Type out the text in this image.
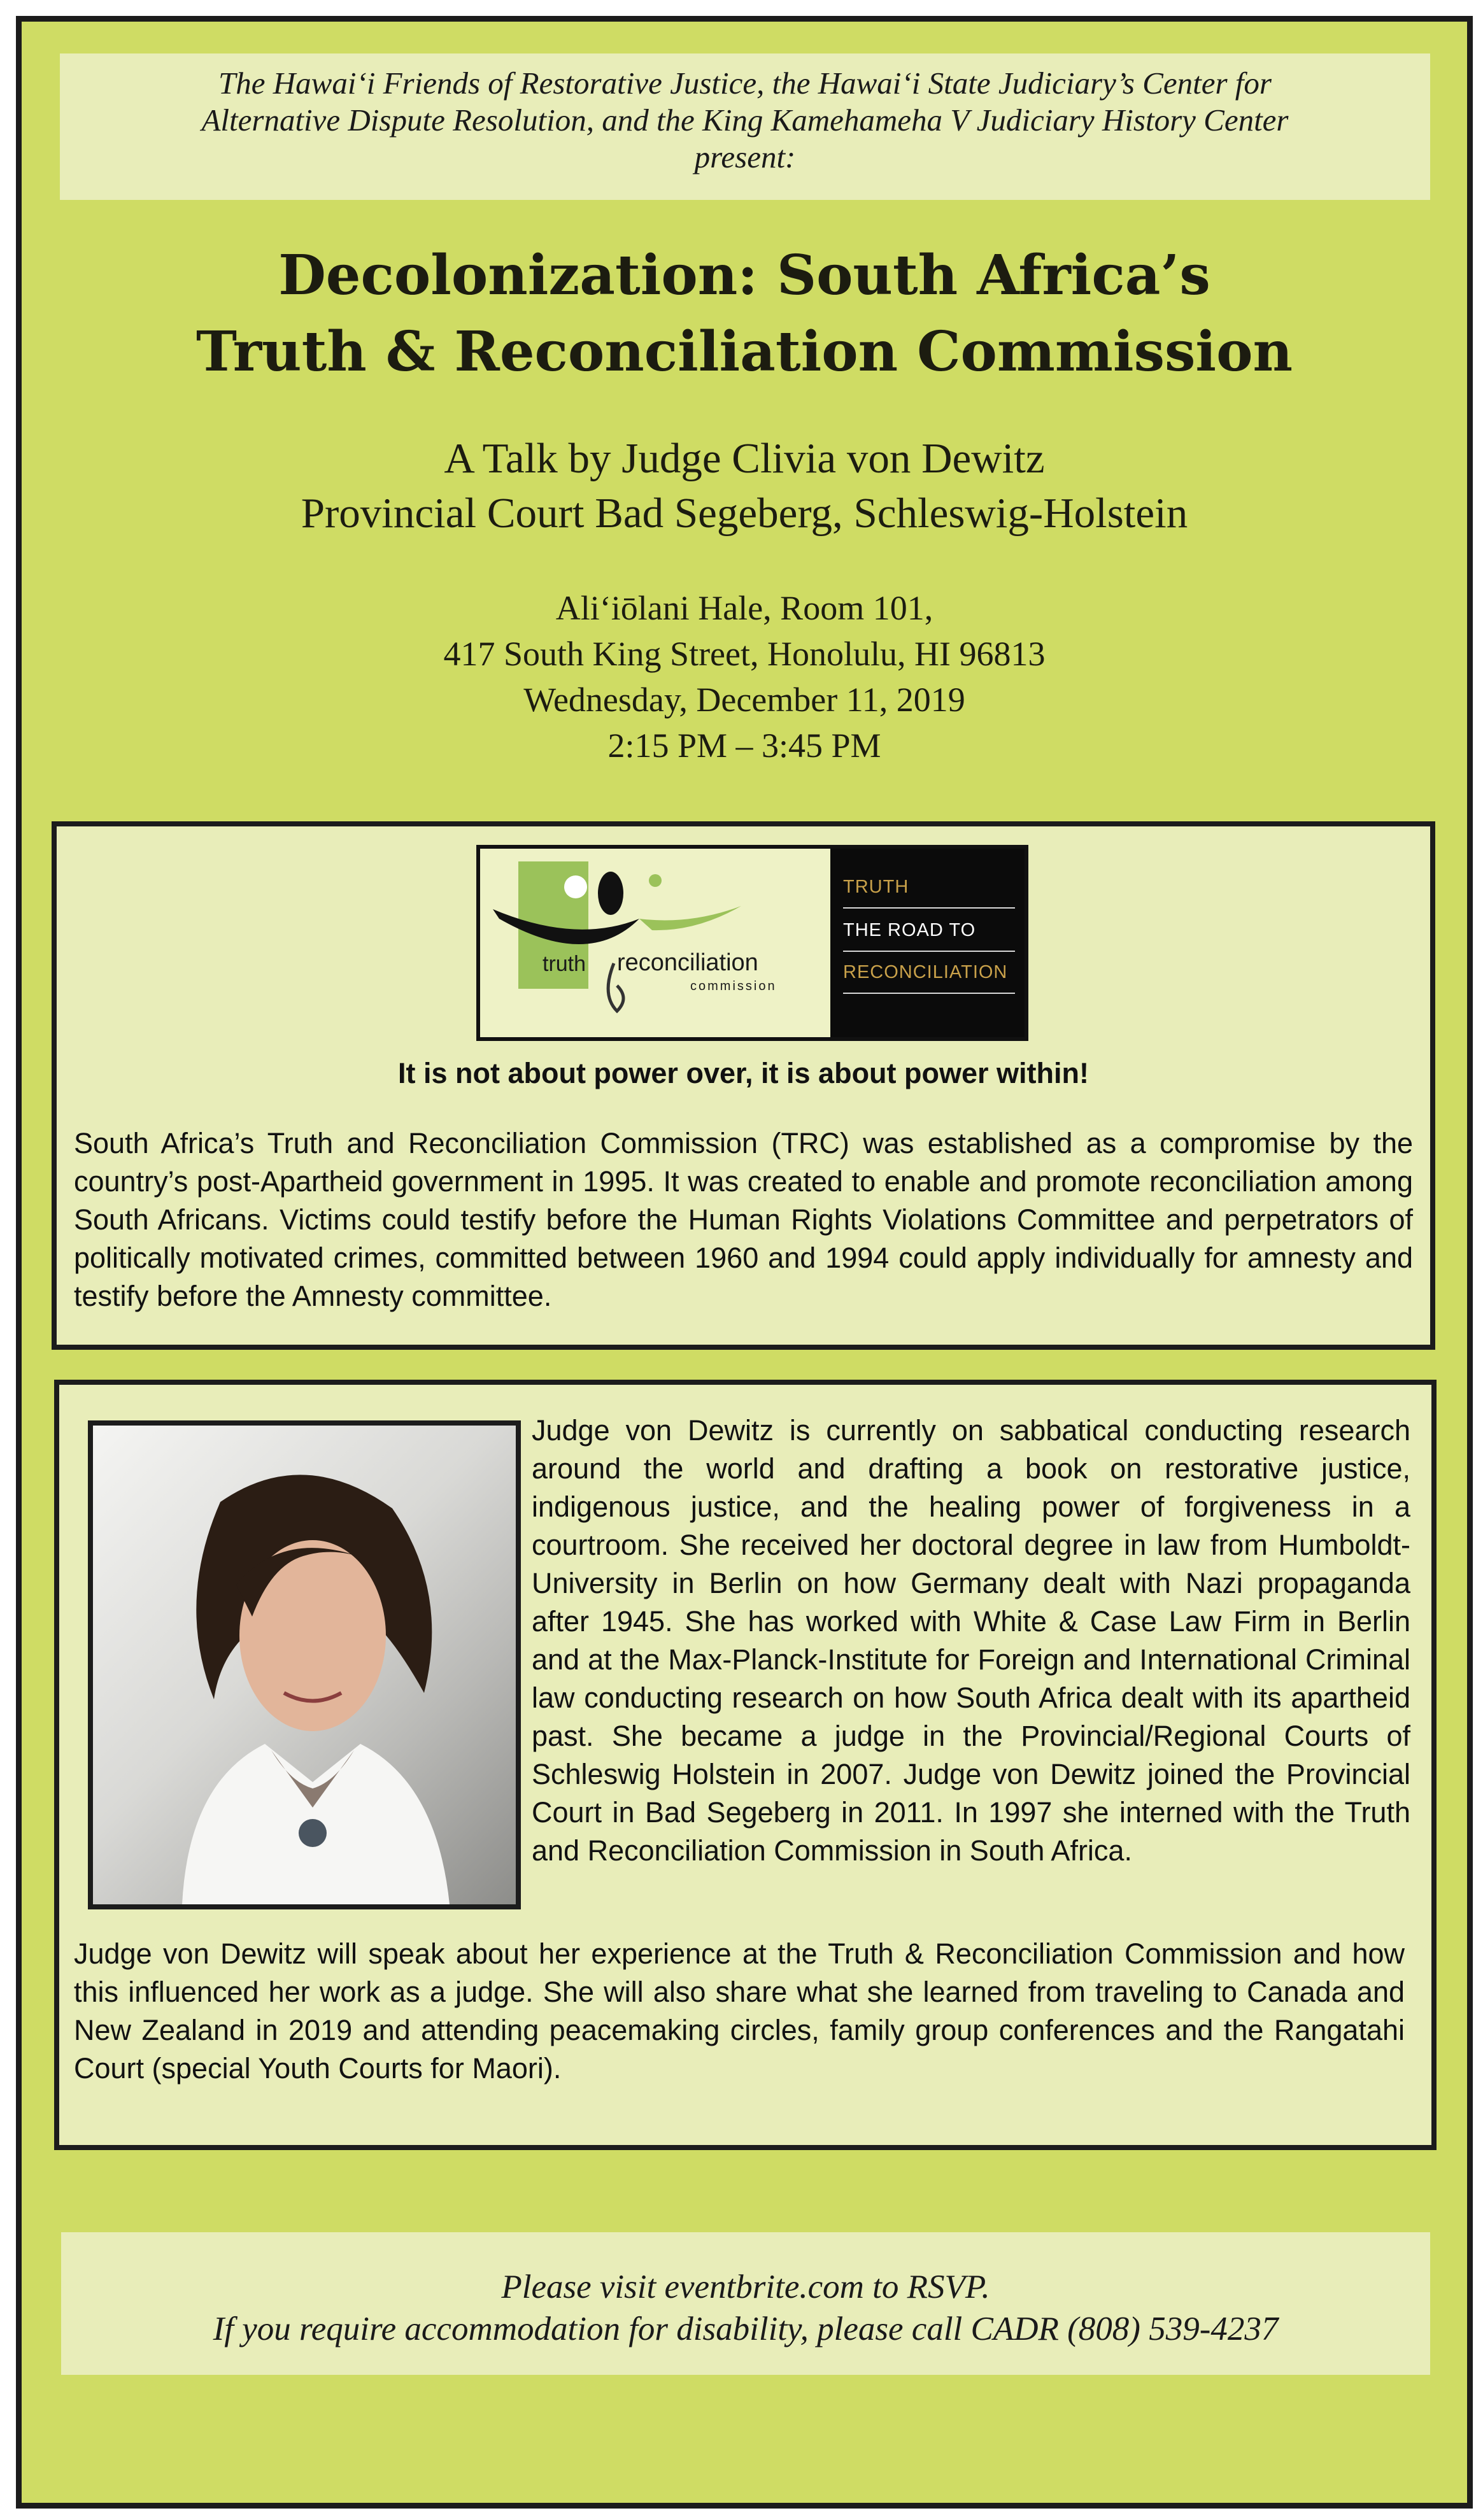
The Hawaiʻi Friends of Restorative Justice, the Hawaiʻi State Judiciary’s Center for
Alternative Dispute Resolution, and the King Kamehameha V Judiciary History Center
present:
Decolonization: South Africa’s
Truth & Reconciliation Commission
A Talk by Judge Clivia von Dewitz
Provincial Court Bad Segeberg, Schleswig-Holstein
Aliʻiōlani Hale, Room 101,
417 South King Street, Honolulu, HI 96813
Wednesday, December 11, 2019
2:15 PM – 3:45 PM
truth reconciliation
commission
TRUTH
THE ROAD TO
RECONCILIATION
It is not about power over, it is about power within!

South Africa’s Truth and Reconciliation Commission (TRC) was established as a compromise by the country’s post-Apartheid government in 1995. It was created to enable and promote reconciliation among South Africans. Victims could testify before the Human Rights Violations Committee and perpetrators of politically motivated crimes, committed between 1960 and 1994 could apply individually for amnesty and testify before the Amnesty committee.

Judge von Dewitz is currently on sabbatical conducting research around the world and drafting a book on restorative justice, indigenous justice, and the healing power of forgiveness in a courtroom. She received her doctoral degree in law from Humboldt-University in Berlin on how Germany dealt with Nazi propaganda after 1945. She has worked with White & Case Law Firm in Berlin and at the Max-Planck-Institute for Foreign and International Criminal law conducting research on how South Africa dealt with its apartheid past. She became a judge in the Provincial/Regional Courts of Schleswig Holstein in 2007. Judge von Dewitz joined the Provincial Court in Bad Segeberg in 2011. In 1997 she interned with the Truth and Reconciliation Commission in South Africa.

Judge von Dewitz will speak about her experience at the Truth & Reconciliation Commission and how this influenced her work as a judge. She will also share what she learned from traveling to Canada and New Zealand in 2019 and attending peacemaking circles, family group conferences and the Rangatahi Court (special Youth Courts for Maori).

Please visit eventbrite.com to RSVP.
If you require accommodation for disability, please call CADR (808) 539-4237
